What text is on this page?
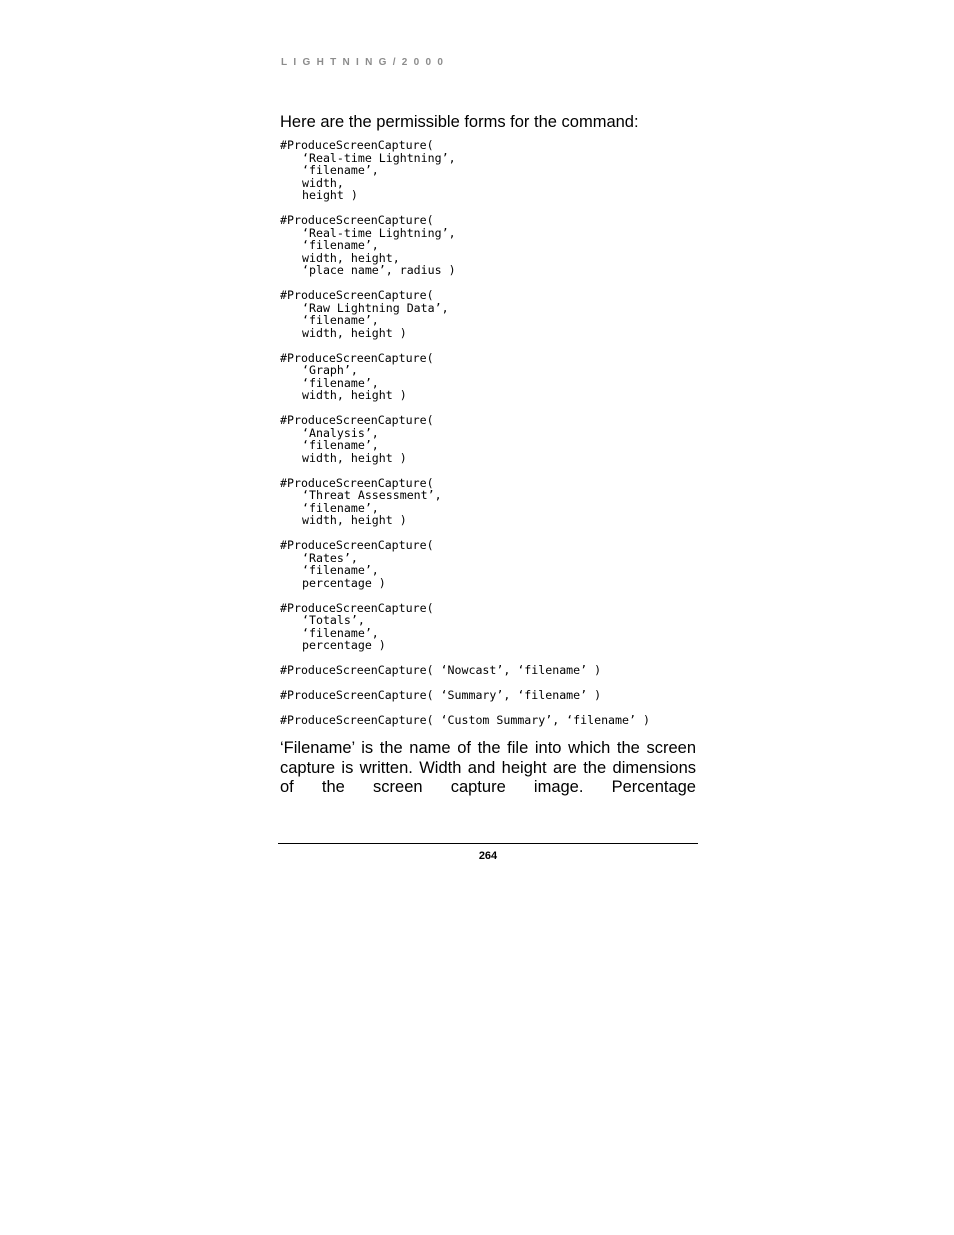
LIGHTNING/2000

Here are the permissible forms for the command:

#ProduceScreenCapture(
‘Real-time Lightning’,
‘filename’,
width,
height )
#ProduceScreenCapture(
‘Real-time Lightning’,
‘filename’,
width, height,
‘place name’, radius )
#ProduceScreenCapture(
‘Raw Lightning Data’,
‘filename’,
width, height )
#ProduceScreenCapture(
‘Graph’,
‘filename’,
width, height )
#ProduceScreenCapture(
‘Analysis’,
‘filename’,
width, height )
#ProduceScreenCapture(
‘Threat Assessment’,
‘filename’,
width, height )
#ProduceScreenCapture(
‘Rates’,
‘filename’,
percentage )
#ProduceScreenCapture(
‘Totals’,
‘filename’,
percentage )
#ProduceScreenCapture( ‘Nowcast’, ‘filename’ )
#ProduceScreenCapture( ‘Summary’, ‘filename’ )
#ProduceScreenCapture( ‘Custom Summary’, ‘filename’ )

‘Filename’ is the name of the file into which the screen capture is written. Width and height are the dimensions of the screen capture image. Percentage

264
